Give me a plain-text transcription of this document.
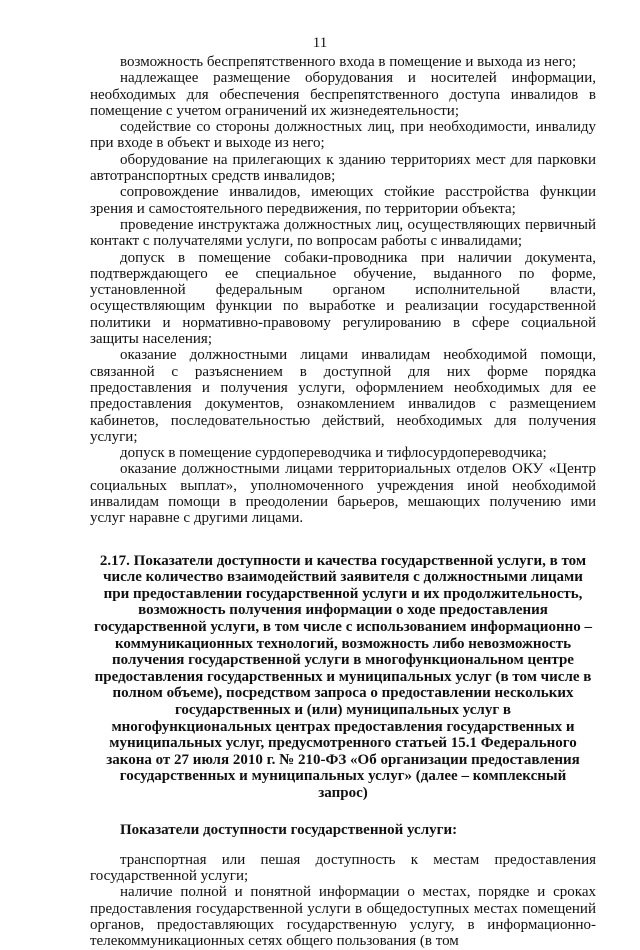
11

возможность беспрепятственного входа в помещение и выхода из него;

надлежащее размещение оборудования и носителей информации, необходимых для обеспечения беспрепятственного доступа инвалидов в помещение с учетом ограничений их жизнедеятельности;

содействие со стороны должностных лиц, при необходимости, инвалиду при входе в объект и выходе из него;

оборудование на прилегающих к зданию территориях мест для парковки автотранспортных средств инвалидов;

сопровождение инвалидов, имеющих стойкие расстройства функции зрения и самостоятельного передвижения, по территории объекта;

проведение инструктажа должностных лиц, осуществляющих первичный контакт с получателями услуги, по вопросам работы с инвалидами;

допуск в помещение собаки-проводника при наличии документа, подтверждающего ее специальное обучение, выданного по форме, установленной федеральным органом исполнительной власти, осуществляющим функции по выработке и реализации государственной политики и нормативно-правовому регулированию в сфере социальной защиты населения;

оказание должностными лицами инвалидам необходимой помощи, связанной с разъяснением в доступной для них форме порядка предоставления и получения услуги, оформлением необходимых для ее предоставления документов, ознакомлением инвалидов с размещением кабинетов, последовательностью действий, необходимых для получения услуги;

допуск в помещение сурдопереводчика и тифлосурдопереводчика;

оказание должностными лицами территориальных отделов ОКУ «Центр социальных выплат», уполномоченного учреждения иной необходимой инвалидам помощи в преодолении барьеров, мешающих получению ими услуг наравне с другими лицами.

2.17. Показатели доступности и качества государственной услуги, в том числе количество взаимодействий заявителя с должностными лицами при предоставлении государственной услуги и их продолжительность, возможность получения информации о ходе предоставления государственной услуги, в том числе с использованием информационно – коммуникационных технологий, возможность либо невозможность получения государственной услуги в многофункциональном центре предоставления государственных и муниципальных услуг (в том числе в полном объеме), посредством запроса о предоставлении нескольких государственных и (или) муниципальных услуг в многофункциональных центрах предоставления государственных и муниципальных услуг, предусмотренного статьей 15.1 Федерального закона от 27 июля 2010 г. № 210-ФЗ «Об организации предоставления государственных и муниципальных услуг» (далее – комплексный запрос)

Показатели доступности государственной услуги:

транспортная или пешая доступность к местам предоставления государственной услуги;

наличие полной и понятной информации о местах, порядке и сроках предоставления государственной услуги в общедоступных местах помещений органов, предоставляющих государственную услугу, в информационно-телекоммуникационных сетях общего пользования (в том
